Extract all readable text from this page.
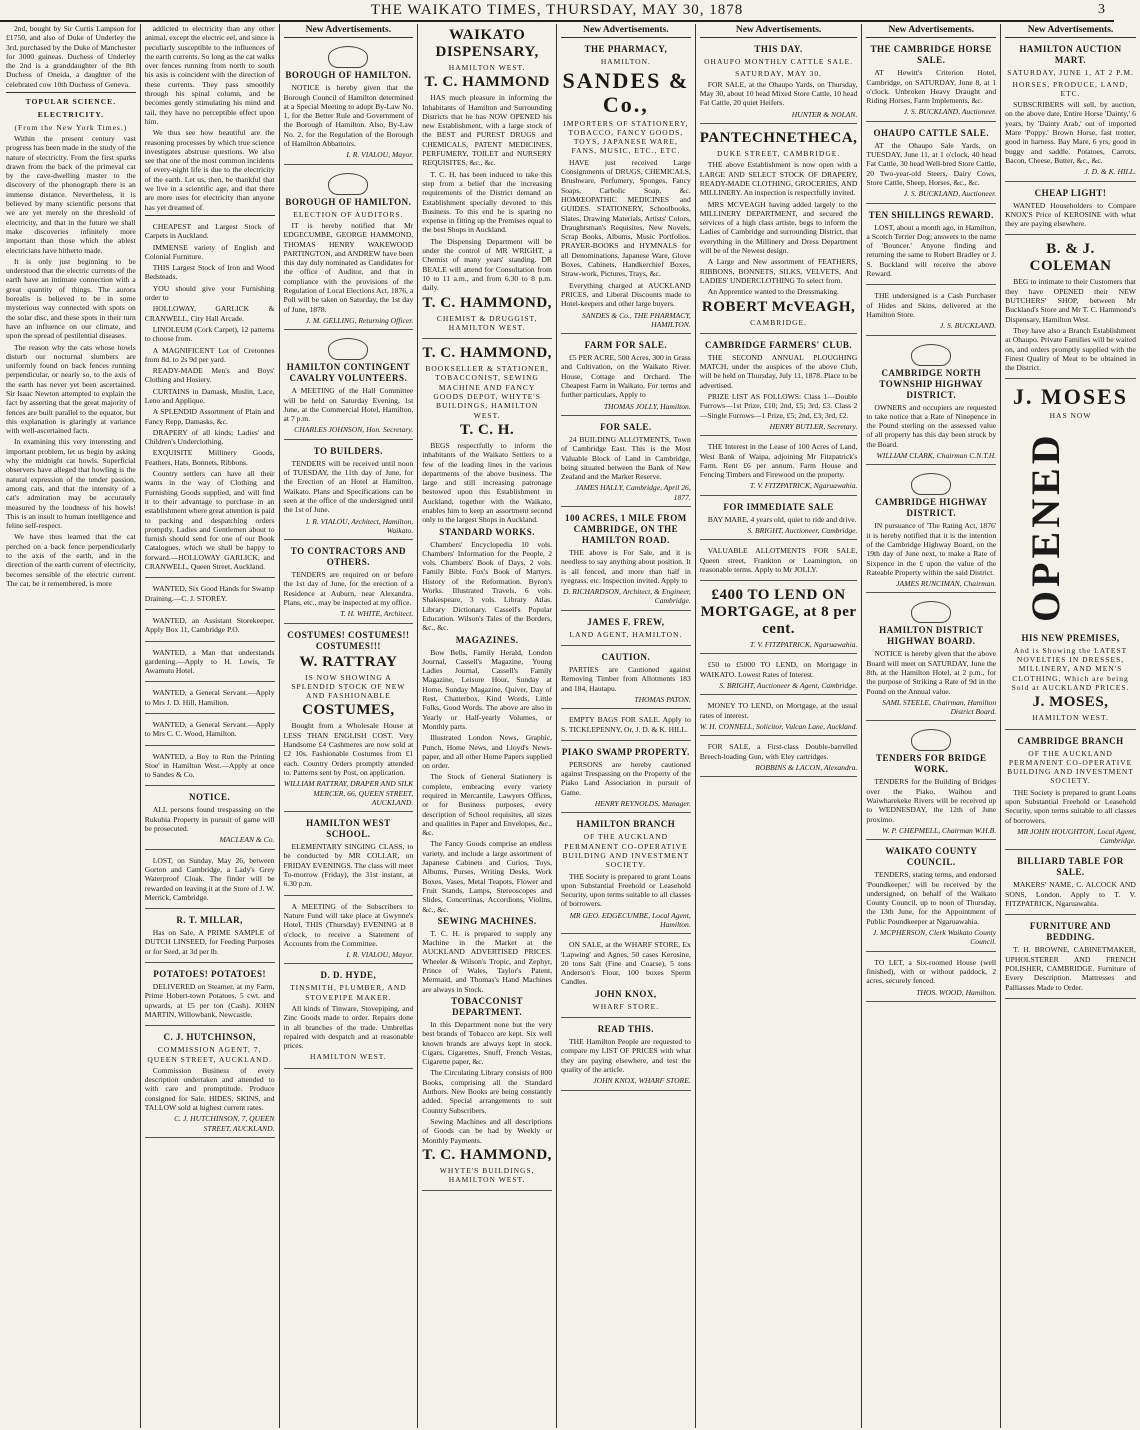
THE WAIKATO TIMES, THURSDAY, MAY 30, 1878	3

2nd, bought by Sir Curtis Lampson for £1750, and also of Duke of Underley the 3rd, purchased by the Duke of Manchester for 3000 guineas. Duchess of Underley the 2nd is a granddaughter of the 8th Duchess of Oneida, a daughter of the celebrated cow 10th Duchess of Geneva.

TOPULAR SCIENCE.
ELECTRICITY.
(From the New York Times.)

Within the present century vast progress has been made in the study of the nature of electricity. From the first sparks drawn from the back of the primeval cat by the cave-dwelling master to the discovery of the phonograph there is an immense distance. Nevertheless, it is believed by many scientific persons that we are yet merely on the threshold of electricity, and that in the future we shall make discoveries infinitely more important than those which the ablest electricians have hitherto made.

It is only just beginning to be understood that the electric currents of the earth have an intimate connection with a great quantity of things. The aurora borealis is believed to be in some mysterious way connected with spots on the solar disc, and these spots in their turn have an influence on our climate, and upon the spread of pestilential diseases.

The reason why the cats whose howls disturb our nocturnal slumbers are uniformly found on back fences running perpendicular, or nearly so, to the axis of the earth has never yet been ascertained. Sir Isaac Newton attempted to explain the fact by asserting that the great majority of fences are built parallel to the equator, but this explanation is glaringly at variance with well-ascertained facts.

In examining this very interesting and important problem, let us begin by asking why the midnight cat howls. Superficial observers have alleged that howling is the natural expression of the tender passion, among cats, and that the intensity of a cat's admiration may be accurately measured by the loudness of his howls! This is an insult to human intelligence and feline self-respect.

We have thus learned that the cat perched on a back fence perpendicularly to the axis of the earth, and in the direction of the earth current of electricity, becomes sensible of the electric current. The cat, be it remembered, is more

addicted to electricity than any other animal, except the electric eel, and since is peculiarly susceptible to the influences of the earth currents. So long as the cat walks over fences running from north to south his axis is coincident with the direction of these currents. They pass smoothly through his spinal column, and he becomes gently stimulating his mind and tail, they have no perceptible effect upon him.

We thus see how beautiful are the reasoning processes by which true science investigates abstruse questions. We also see that one of the most common incidents of every-night life is due to the electricity of the earth. Let us, then, be thankful that we live in a scientific age, and that there are more uses for electricity than anyone has yet dreamed of.

CHEAPEST and Largest Stock of Carpets in Auckland.

IMMENSE variety of English and Colonial Furniture.

THIS Largest Stock of Iron and Wood Bedsteads.

YOU should give your Furnishing order to

HOLLOWAY, GARLICK & CRANWELL, City Hall Arcade.

LINOLEUM (Cork Carpet), 12 patterns to choose from.

A MAGNIFICENT Lot of Cretonnes from 8d. to 2s 9d per yard.

READY-MADE Men's and Boys' Clothing and Hosiery.

CURTAINS in Damask, Muslin, Lace, Leno and Applique.

A SPLENDID Assortment of Plain and Fancy Repp, Damasks, &c.

DRAPERY of all kinds; Ladies' and Children's Underclothing.

EXQUISITE Millinery Goods, Feathers, Hats, Bonnets, Ribbons.

Country settlers can have all their wants in the way of Clothing and Furnishing Goods supplied, and will find it to their advantage to purchase in an establishment where great attention is paid to packing and despatching orders promptly. Ladies and Gentlemen about to furnish should send for one of our Book Catalogues, which we shall be happy to forward.—HOLLOWAY GARLICK, and CRANWELL, Queen Street, Auckland.

WANTED, Six Good Hands for Swamp Draining.—C. J. STOREY.

WANTED, an Assistant Storekeeper. Apply Box 11, Cambridge P.O.

WANTED, a Man that understands gardening.—Apply to H. Lewis, Te Awamutu Hotel.

WANTED, a General Servant.—Apply to Mrs J. D. Hill, Hamilton.

WANTED, a General Servant.—Apply to Mrs C. C. Wood, Hamilton.

WANTED, a Boy to Run the Printing Stoe' in Hamilton West.—Apply at once to Sandes & Co.

NOTICE.

ALL persons found trespassing on the Rukuhia Property in pursuit of game will be prosecuted.

MACLEAN & Co.

LOST, on Sunday, May 26, between Gorton and Cambridge, a Lady's Grey Waterproof Cloak. The finder will be rewarded on leaving it at the Store of J. W. Merrick, Cambridge.

R. T. MILLAR,

Has on Sale, A PRIME SAMPLE of DUTCH LINSEED, for Feeding Purposes or for Seed, at 3d per lb.

POTATOES! POTATOES!

DELIVERED on Steamer, at my Farm, Prime Hobert-town Potatoes, 5 cwt. and upwards, at £5 per ton (Cash). JOHN MARTIN, Willowbank, Newcastle.

C. J. HUTCHINSON,
COMMISSION AGENT, 7, QUEEN STREET, AUCKLAND.

Commission Business of every description undertaken and attended to with care and promptitude. Produce consigned for Sale. HIDES, SKINS, and TALLOW sold at highest current rates.

C. J. HUTCHINSON, 7, QUEEN STREET, AUCKLAND.
New Advertisements.
BOROUGH OF HAMILTON.

NOTICE is hereby given that the Borough Council of Hamilton determined at a Special Meeting to adopt By-Law No. 1, for the Better Rule and Government of the Borough of Hamilton. Also, By-Law No. 2, for the Regulation of the Borough of Hamilton Abbattoirs.

I. R. VIALOU, Mayor.
BOROUGH OF HAMILTON.
ELECTION OF AUDITORS.

IT is hereby notified that Mr EDGECUMBE, GEORGE HAMMOND, THOMAS HENRY WAKEWOOD PARTINGTON, and ANDREW have been this day duly nominated as Candidates for the office of Auditor, and that in compliance with the provisions of the Regulation of Local Elections Act, 1876, a Poll will be taken on Saturday, the 1st day of June, 1878.

J. M. GELLING, Returning Officer.
HAMILTON CONTINGENT CAVALRY VOLUNTEERS.

A MEETING of the Hall Committee will be held on Saturday Evening, 1st June, at the Commercial Hotel, Hamilton, at 7 p.m.

CHARLES JOHNSON, Hon. Secretary.
TO BUILDERS.

TENDERS will be received until noon of TUESDAY, the 11th day of June, for the Erection of an Hotel at Hamilton, Waikato. Plans and Specifications can be seen at the office of the undersigned until the 1st of June.

I. R. VIALOU, Architect, Hamilton, Waikato.
TO CONTRACTORS AND OTHERS.

TENDERS are required on or before the 1st day of June, for the erection of a Residence at Auburn, near Alexandra. Plans, etc., may be inspected at my office.

T. H. WHITE, Architect.
COSTUMES! COSTUMES!! COSTUMES!!!
W. RATTRAY
IS NOW SHOWING A SPLENDID STOCK OF NEW AND FASHIONABLE
COSTUMES,

Bought from a Wholesale House at LESS THAN ENGLISH COST. Very Handsome £4 Cashmeres are now sold at £2 10s. Fashionable Costumes from £1 each. Country Orders promptly attended to. Patterns sent by Post, on application.

WILLIAM RATTRAY, DRAPER AND SILK MERCER, 66, QUEEN STREET, AUCKLAND.
HAMILTON WEST SCHOOL.

ELEMENTARY SINGING CLASS, to be conducted by MR COLLAR, on FRIDAY EVENINGS. The class will meet To-morrow (Friday), the 31st instant, at 6.30 p.m.

A MEETING of the Subscribers to Nature Fund will take place at Gwynne's Hotel, THIS (Thursday) EVENING at 8 o'clock, to receive a Statement of Accounts from the Committee.

I. R. VIALOU, Mayor.
D. D. HYDE,
TINSMITH, PLUMBER, AND STOVEPIPE MAKER.

All kinds of Tinware, Stovepiping, and Zinc Goods made to order. Repairs done in all branches of the trade. Umbrellas repaired with despatch and at reasonable prices.

HAMILTON WEST.
WAIKATO DISPENSARY,
HAMILTON WEST.
T. C. HAMMOND

HAS much pleasure in informing the Inhabitants of Hamilton and Surrounding Districts that he has NOW OPENED his new Establishment, with a large stock of the BEST and PUREST DRUGS and CHEMICALS, PATENT MEDICINES, PERFUMERY, TOILET and NURSERY REQUISITES, &c., &c.

T. C. H. has been induced to take this step from a belief that the increasing requirements of the District demand an Establishment specially devoted to this Business. To this end he is sparing no expense in fitting up the Premises equal to the best Shops in Auckland.

The Dispensing Department will be under the control of MR WRIGHT, a Chemist of many years' standing. DR BEALE will attend for Consultation from 10 to 11 a.m., and from 6.30 to 8 p.m. daily.

T. C. HAMMOND,
CHEMIST & DRUGGIST, HAMILTON WEST.
T. C. HAMMOND,
BOOKSELLER & STATIONER, TOBACCONIST, SEWING MACHINE AND FANCY GOODS DEPOT, WHYTE'S BUILDINGS, HAMILTON WEST.
T. C. H.

BEGS respectfully to inform the inhabitants of the Waikato Settlers to a few of the leading lines in the various departments of the above business. The large and still increasing patronage bestowed upon this Establishment in Auckland, together with the Waikato, enables him to keep an assortment second only to the largest Shops in Auckland.

STANDARD WORKS.

Chambers' Encyclopedia 10 vols. Chambers' Information for the People, 2 vols. Chambers' Book of Days, 2 vols. Family Bible. Fox's Book of Martyrs. History of the Reformation. Byron's Works. Illustrated Travels, 6 vols. Shakespeare, 3 vols. Library Atlas. Library Dictionary. Cassell's Popular Education. Wilson's Tales of the Borders, &c., &c.

MAGAZINES.

Bow Bells, Family Herald, London Journal, Cassell's Magazine, Young Ladies Journal, Cassell's Family Magazine, Leisure Hour, Sunday at Home, Sunday Magazine, Quiver, Day of Rest, Chatterbox, Kind Words, Little Folks, Good Words. The above are also in Yearly or Half-yearly Volumes, or Monthly parts.

Illustrated London News, Graphic, Punch, Home News, and Lloyd's News-paper, and all other Home Papers supplied on order.

The Stock of General Stationery is complete, embracing every variety required in Mercantile, Lawyers Offices, or for Business purposes, every description of School requisites, all sizes and qualities in Paper and Envelopes, &c., &c.

The Fancy Goods comprise an endless variety, and include a large assortment of Japanese Cabinets and Curios, Toys, Albums, Purses, Writing Desks, Work Boxes, Vases, Metal Teapots, Flower and Fruit Stands, Lamps, Stereoscopes and Slides, Concertinas, Accordions, Violins, &c., &c.

SEWING MACHINES.

T. C. H. is prepared to supply any Machine in the Market at the AUCKLAND ADVERTISED PRICES. Wheeler & Wilson's Tropic, and Zephyr, Prince of Wales, Taylor's Patent, Mermaid, and Thomas's Hand Machines are always in Stock.

TOBACCONIST DEPARTMENT.

In this Department none but the very best brands of Tobacco are kept. Six well known brands are always kept in stock. Cigars, Cigarettes, Snuff, French Vestas, Cigarette paper, &c.

The Circulating Library consists of 800 Books, comprising all the Standard Authors. New Books are being constantly added. Special arrangements to suit Country Subscribers.

Sewing Machines and all descriptions of Goods can be had by Weekly or Monthly Payments.

T. C. HAMMOND,
WHYTE'S BUILDINGS, HAMILTON WEST.
New Advertisements.
THE PHARMACY,
HAMILTON.
SANDES & Co.,
IMPORTERS OF STATIONERY, TOBACCO, FANCY GOODS, TOYS, JAPANESE WARE, FANS, MUSIC, ETC., ETC.

HAVE just received Large Consignments of DRUGS, CHEMICALS, Brushware, Perfumery, Sponges, Fancy Soaps, Carbolic Soap, &c. HOMŒOPATHIC MEDICINES and GUIDES. STATIONERY, Schoolbooks, Slates, Drawing Materials, Artists' Colors, Draughtsman's Requisites, New Novels, Scrap Books, Albums, Music Portfolios. PRAYER-BOOKS and HYMNALS for all Denominations. Japanese Ware, Glove Boxes, Cabinets, Handkerchief Boxes, Straw-work, Pictures, Trays, &c.

Everything charged at AUCKLAND PRICES, and Liberal Discounts made to Hotel-keepers and other large buyers.

SANDES & Co., THE PHARMACY, HAMILTON.
FARM FOR SALE.

£5 PER ACRE, 500 Acres, 300 in Grass and Cultivation, on the Waikato River. House, Cottage and Orchard. The Cheapest Farm in Waikato. For terms and further particulars, Apply to

THOMAS JOLLY, Hamilton.
FOR SALE.

24 BUILDING ALLOTMENTS, Town of Cambridge East. This is the Most Valuable Block of Land in Cambridge, being situated between the Bank of New Zealand and the Market Reserve.

JAMES HALLY, Cambridge, April 26, 1877.
100 ACRES, 1 MILE FROM CAMBRIDGE, ON THE HAMILTON ROAD.

THE above is For Sale, and it is needless to say anything about position. It is all fenced, and more than half in ryegrass, etc. Inspection invited. Apply to

D. RICHARDSON, Architect, & Engineer, Cambridge.
JAMES F. FREW,
LAND AGENT, HAMILTON.
CAUTION.

PARTIES are Cautioned against Removing Timber from Allotments 183 and 184, Hautapu.

THOMAS PATON.

EMPTY BAGS FOR SALE. Apply to S. TICKLEPENNY, Or, J. D. & K. HILL.

PIAKO SWAMP PROPERTY.

PERSONS are hereby cautioned against Trespassing on the Property of the Piako Land Association in pursuit of Game.

HENRY REYNOLDS, Manager.
HAMILTON BRANCH
OF THE AUCKLAND PERMANENT CO-OPERATIVE BUILDING AND INVESTMENT SOCIETY.

THE Society is prepared to grant Loans upon Substantial Freehold or Leasehold Security, upon terms suitable to all classes of borrowers.

MR GEO. EDGECUMBE, Local Agent, Hamilton.

ON SALE, at the WHARF STORE, Ex 'Lapwing' and Agnes, 50 cases Kerosine, 20 tons Salt (Fine and Coarse), 5 tons Anderson's Flour, 100 boxes Sperm Candles.

JOHN KNOX,
WHARF STORE.
READ THIS.

THE Hamilton People are requested to compare my LIST OF PRICES with what they are paying elsewhere, and test the quality of the article.

JOHN KNOX, WHARF STORE.
New Advertisements.
THIS DAY.
OHAUPO MONTHLY CATTLE SALE.
SATURDAY, MAY 30.

FOR SALE, at the Ohaupo Yards, on Thursday, May 30, about 10 head Mixed Store Cattle, 10 head Fat Cattle, 20 quiet Heifers.

HUNTER & NOLAN.
PANTECHNETHECA,
DUKE STREET, CAMBRIDGE.

THE above Establishment is now open with a LARGE AND SELECT STOCK OF DRAPERY, READY-MADE CLOTHING, GROCERIES, AND MILLINERY. An inspection is respectfully invited.

MRS MCVEAGH having added largely to the MILLINERY DEPARTMENT, and secured the services of a high class artiste, begs to inform the Ladies of Cambridge and surrounding District, that everything in the Millinery and Dress Department will be of the Newest design.

A Large and New assortment of FEATHERS, RIBBONS, BONNETS, SILKS, VELVETS, And LADIES' UNDERCLOTHING To select from.

An Apprentice wanted to the Dressmaking.

ROBERT McVEAGH,
CAMBRIDGE.
CAMBRIDGE FARMERS' CLUB.

THE SECOND ANNUAL PLOUGHING MATCH, under the auspices of the above Club, will be held on Thursday, July 11, 1878. Place to be advertised.

PRIZE LIST AS FOLLOWS: Class 1—Double Furrows—1st Prize, £10; 2nd, £5; 3rd, £3. Class 2—Single Furrows—1 Prize, £5; 2nd, £3; 3rd, £2.

HENRY BUTLER, Secretary.

THE Interest in the Lease of 100 Acres of Land, West Bank of Waipa, adjoining Mr Fitzpatrick's Farm. Rent £6 per annum. Farm House and Fencing Timbers and Firewood on the property.

T. V. FITZPATRICK, Ngaruawahia.
FOR IMMEDIATE SALE

BAY MARE, 4 years old, quiet to ride and drive.

S. BRIGHT, Auctioneer, Cambridge.

VALUABLE ALLOTMENTS FOR SALE, Queen street, Frankton or Leamington, on reasonable terms. Apply to Mr JOLLY.

£400 TO LEND ON MORTGAGE, at 8 per cent.
T. V. FITZPATRICK, Ngaruawahia.

£50 to £5000 TO LEND, on Mortgage in WAIKATO. Lowest Rates of Interest.

S. BRIGHT, Auctioneer & Agent, Cambridge.

MONEY TO LEND, on Mortgage, at the usual rates of interest.

W. H. CONNELL, Solicitor, Vulcan Lane, Auckland.

FOR SALE, a First-class Double-barrelled Breech-loading Gun, with Eley cartridges.

ROBBINS & LACON, Alexandra.
New Advertisements.
THE CAMBRIDGE HORSE SALE.

AT Hewitt's Criterion Hotel, Cambridge, on SATURDAY, June 8, at 1 o'clock. Unbroken Heavy Draught and Riding Horses, Farm Implements, &c.

J. S. BUCKLAND, Auctioneer.
OHAUPO CATTLE SALE.

AT the Ohaupo Sale Yards, on TUESDAY, June 11, at 1 o'clock, 40 head Fat Cattle, 30 head Well-bred Store Cattle, 20 Two-year-old Steers, Dairy Cows, Store Cattle, Sheep, Horses, &c., &c.

J. S. BUCKLAND, Auctioneer.
TEN SHILLINGS REWARD.

LOST, about a month ago, in Hamilton, a Scotch Terrier Dog; answers to the name of 'Bouncer.' Anyone finding and returning the same to Robert Bradley or J. S. Buckland will receive the above Reward.

THE undersigned is a Cash Purchaser of Hides and Skins, delivered at the Hamilton Store.

J. S. BUCKLAND.
CAMBRIDGE NORTH TOWNSHIP HIGHWAY DISTRICT.

OWNERS and occupiers are requested to take notice that a Rate of Ninepence in the Pound sterling on the assessed value of all property has this day been struck by the Board.

WILLIAM CLARK, Chairman C.N.T.H.
CAMBRIDGE HIGHWAY DISTRICT.

IN pursuance of 'The Rating Act, 1876' it is hereby notified that it is the intention of the Cambridge Highway Board, on the 19th day of June next, to make a Rate of Sixpence in the £ upon the value of the Rateable Property within the said District.

JAMES RUNCIMAN, Chairman.
HAMILTON DISTRICT HIGHWAY BOARD.

NOTICE is hereby given that the above Board will meet on SATURDAY, June the 8th, at the Hamilton Hotel, at 2 p.m., for the purpose of Striking a Rate of 9d in the Pound on the Annual value.

SAML STEELE, Chairman, Hamilton District Board.
TENDERS FOR BRIDGE WORK.

TENDERS for the Building of Bridges over the Piako, Waihou and Waiwharekeke Rivers will be received up to WEDNESDAY, the 12th of June proximo.

W. P. CHEPMELL, Chairman W.H.B.
WAIKATO COUNTY COUNCIL.

TENDERS, stating terms, and endorsed 'Poundkeeper,' will be received by the undersigned, on behalf of the Waikato County Council, up to noon of Thursday, the 13th June, for the Appointment of Public Poundkeeper at Ngaruawahia.

J. MCPHERSON, Clerk Waikato County Council.

TO LET, a Six-roomed House (well finished), with or without paddock, 2 acres, securely fenced.

THOS. WOOD, Hamilton.
New Advertisements.
HAMILTON AUCTION MART.
SATURDAY, JUNE 1, AT 2 P.M.
HORSES, PRODUCE, LAND, ETC.

SUBSCRIBERS will sell, by auction, on the above date, Entire Horse 'Dainty,' 6 years, by 'Dainty Arab,' out of imported Mare 'Poppy.' Brown Horse, fast trotter, good in harness. Bay Mare, 6 yrs, good in buggy and saddle. Potatoes, Carrots, Bacon, Cheese, Butter, &c., &c.

J. D. & K. HILL.
CHEAP LIGHT!

WANTED Householders to Compare KNOX'S Price of KEROSINE with what they are paying elsewhere.

B. & J. COLEMAN

BEG to intimate to their Customers that they have OPENED their NEW BUTCHERS' SHOP, between Mr Buckland's Store and Mr T. C. Hammond's Dispensary, Hamilton West.

They have also a Branch Establishment at Ohaupo. Private Families will be waited on, and orders promptly supplied with the Finest Quality of Meat to be obtained in the District.

J. MOSES
HAS NOW
OPENED
HIS NEW PREMISES,
And is Showing the LATEST NOVELTIES IN DRESSES, MILLINERY, AND MEN'S CLOTHING, Which are being Sold at AUCKLAND PRICES.
J. MOSES,
HAMILTON WEST.
CAMBRIDGE BRANCH
OF THE AUCKLAND PERMANENT CO-OPERATIVE BUILDING AND INVESTMENT SOCIETY.

THE Society is prepared to grant Loans upon Substantial Freehold or Leasehold Security, upon terms suitable to all classes of borrowers.

MR JOHN HOUGHTON, Local Agent, Cambridge.
BILLIARD TABLE FOR SALE.

MAKERS' NAME, C. ALCOCK AND SONS, London. Apply to T. V. FITZPATRICK, Ngaruawahia.

FURNITURE AND BEDDING.

T. H. BROWNE, CABINETMAKER, UPHOLSTERER AND FRENCH POLISHER, CAMBRIDGE. Furniture of Every Description. Mattresses and Palliasses Made to Order.
